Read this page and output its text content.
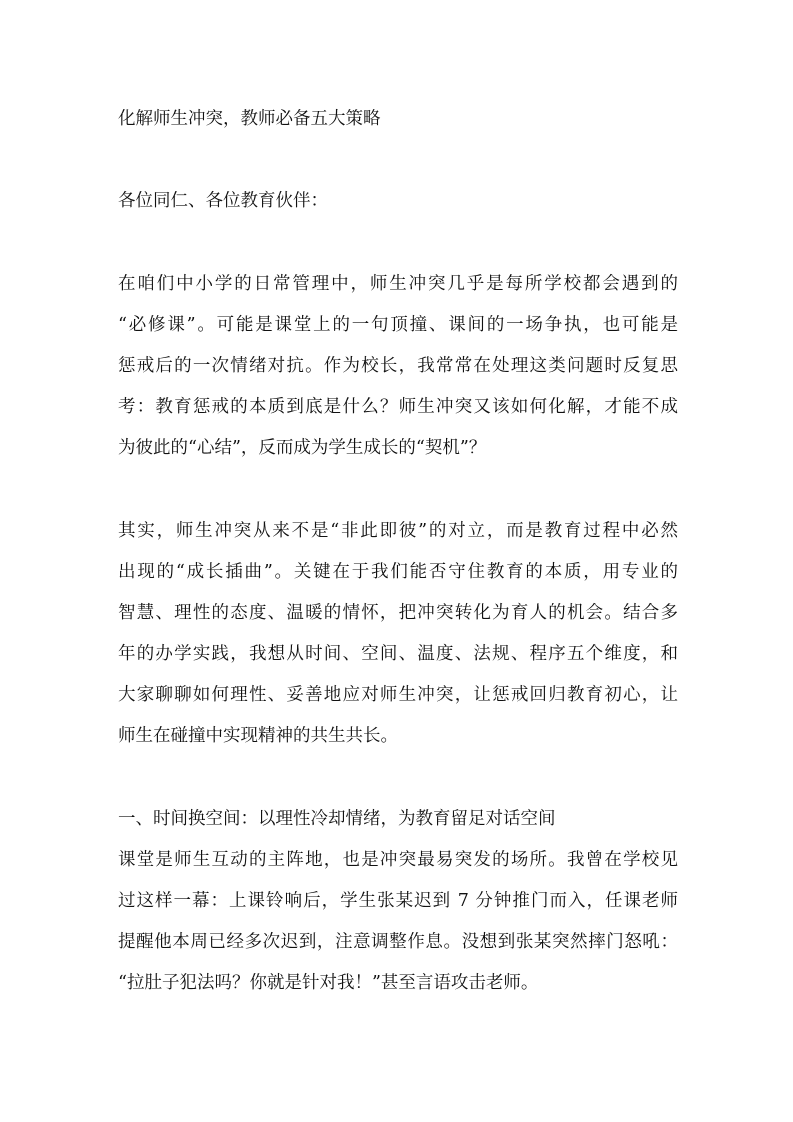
化解师生冲突，教师必备五大策略
各位同仁、各位教育伙伴：
在咱们中小学的日常管理中，师生冲突几乎是每所学校都会遇到的
“必修课”。可能是课堂上的一句顶撞、课间的一场争执，也可能是
惩戒后的一次情绪对抗。作为校长，我常常在处理这类问题时反复思
考：教育惩戒的本质到底是什么？师生冲突又该如何化解，才能不成
为彼此的“心结”，反而成为学生成长的“契机”？
其实，师生冲突从来不是“非此即彼”的对立，而是教育过程中必然
出现的“成长插曲”。关键在于我们能否守住教育的本质，用专业的
智慧、理性的态度、温暖的情怀，把冲突转化为育人的机会。结合多
年的办学实践，我想从时间、空间、温度、法规、程序五个维度，和
大家聊聊如何理性、妥善地应对师生冲突，让惩戒回归教育初心，让
师生在碰撞中实现精神的共生共长。
一、时间换空间：以理性冷却情绪，为教育留足对话空间
课堂是师生互动的主阵地，也是冲突最易突发的场所。我曾在学校见
过这样一幕：上课铃响后，学生张某迟到 7 分钟推门而入，任课老师
提醒他本周已经多次迟到，注意调整作息。没想到张某突然摔门怒吼：
“拉肚子犯法吗？你就是针对我！”甚至言语攻击老师。
